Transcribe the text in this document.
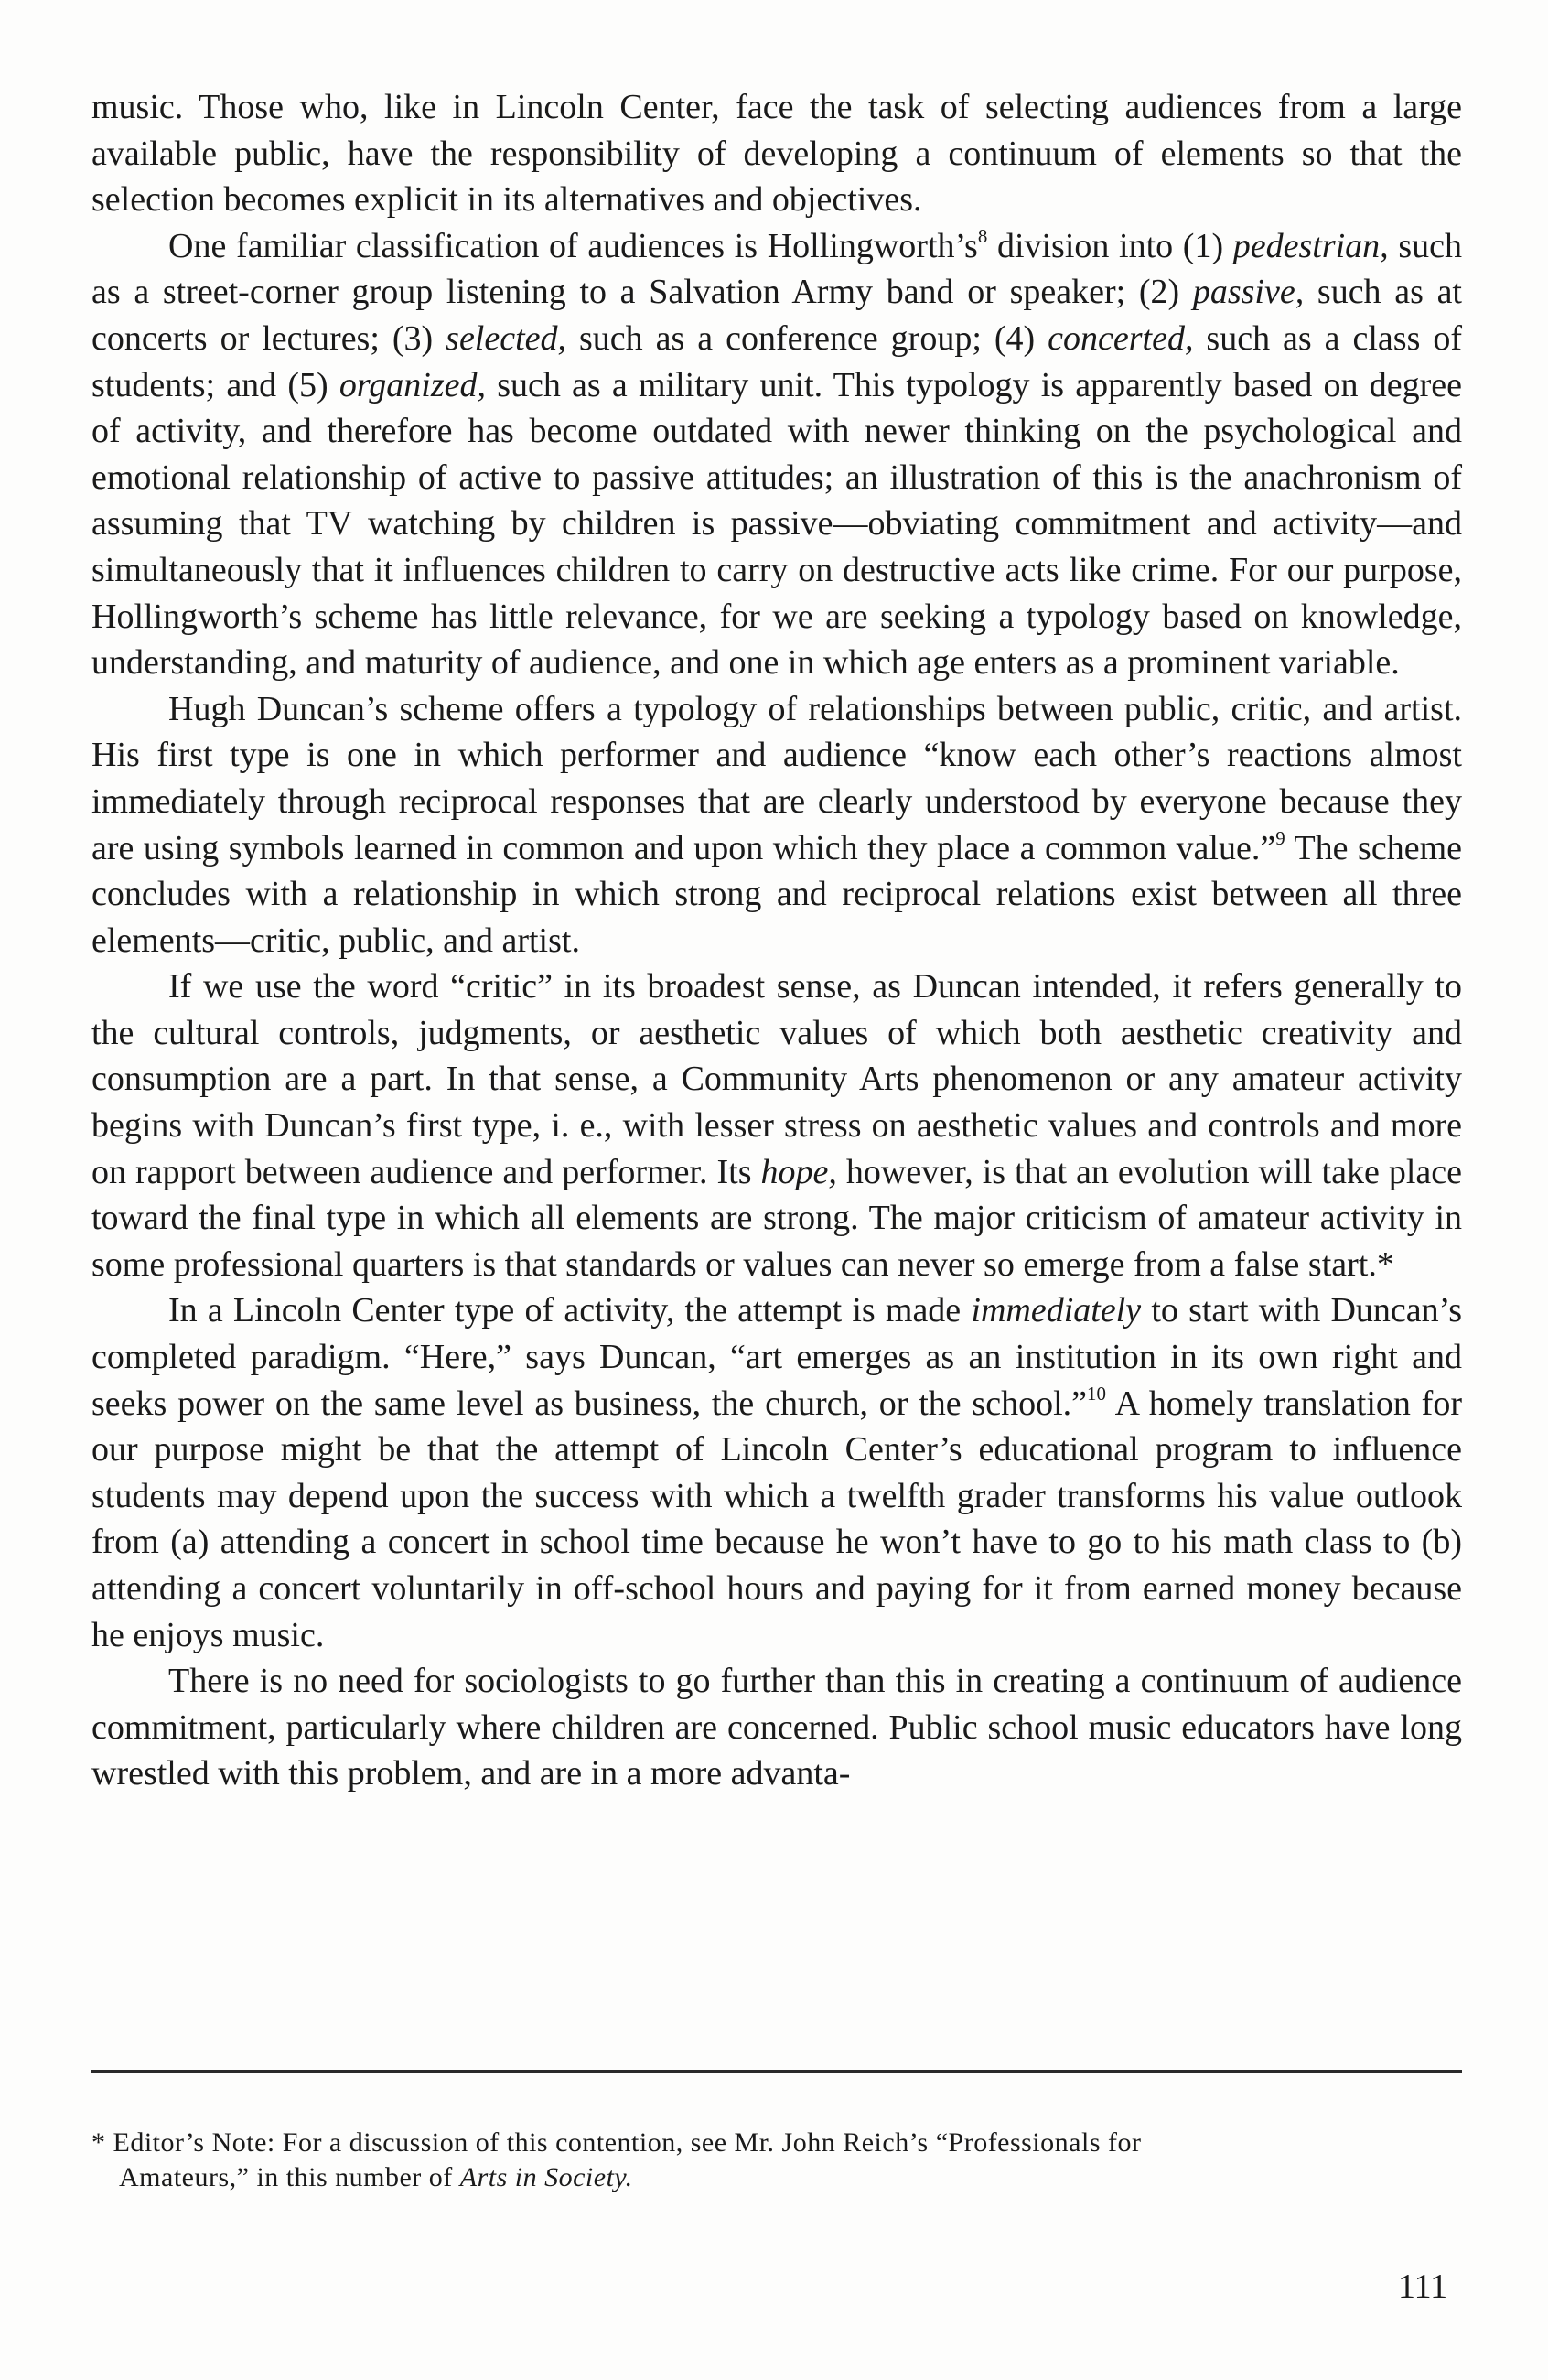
music. Those who, like in Lincoln Center, face the task of selecting audiences from a large available public, have the responsibility of developing a continuum of elements so that the selection becomes explicit in its alternatives and objectives.

One familiar classification of audiences is $Hollingworth’s^8$ division into (1) pedestrian, such as a street-corner group listening to a Salvation Army band or speaker; (2) passive, such as at concerts or lectures; (3) selected, such as a conference group; (4) concerted, such as a class of students; and (5) organized, such as a military unit. This typology is apparently based on degree of activity, and therefore has become outdated with newer thinking on the psychological and emotional relationship of active to passive attitudes; an illustration of this is the anachronism of assuming that TV watching by children is passive—obviating commitment and activity—and simultaneously that it influences children to carry on destructive acts like crime. For our purpose, Hollingworth’s scheme has little relevance, for we are seeking a typology based on knowledge, understanding, and maturity of audience, and one in which age enters as a prominent variable.

Hugh Duncan’s scheme offers a typology of relationships between public, critic, and artist. His first type is one in which performer and audience “know each other’s reactions almost immediately through reciprocal responses that are clearly understood by everyone because they are using symbols learned in common and upon which they place a common value.”$^9$ The scheme concludes with a relationship in which strong and reciprocal relations exist between all three elements—critic, public, and artist.

If we use the word “critic” in its broadest sense, as Duncan intended, it refers generally to the cultural controls, judgments, or aesthetic values of which both aesthetic creativity and consumption are a part. In that sense, a Community Arts phenomenon or any amateur activity begins with Duncan’s first type, i. e., with lesser stress on aesthetic values and controls and more on rapport between audience and performer. Its hope, however, is that an evolution will take place toward the final type in which all elements are strong. The major criticism of amateur activity in some professional quarters is that standards or values can never so emerge from a false start.*

In a Lincoln Center type of activity, the attempt is made immediately to start with Duncan’s completed paradigm. “Here,” says Duncan, “art emerges as an institution in its own right and seeks power on the same level as business, the church, or the school.”$^{10}$ A homely translation for our purpose might be that the attempt of Lincoln Center’s educational program to influence students may depend upon the success with which a twelfth grader transforms his value outlook from (a) attending a concert in school time because he won’t have to go to his math class to (b) attending a concert voluntarily in off-school hours and paying for it from earned money because he enjoys music.

There is no need for sociologists to go further than this in creating a continuum of audience commitment, particularly where children are concerned. Public school music educators have long wrestled with this problem, and are in a more advanta-

* Editor’s Note: For a discussion of this contention, see Mr. John Reich’s “Professionals for
Amateurs,” in this number of Arts in Society.
111
